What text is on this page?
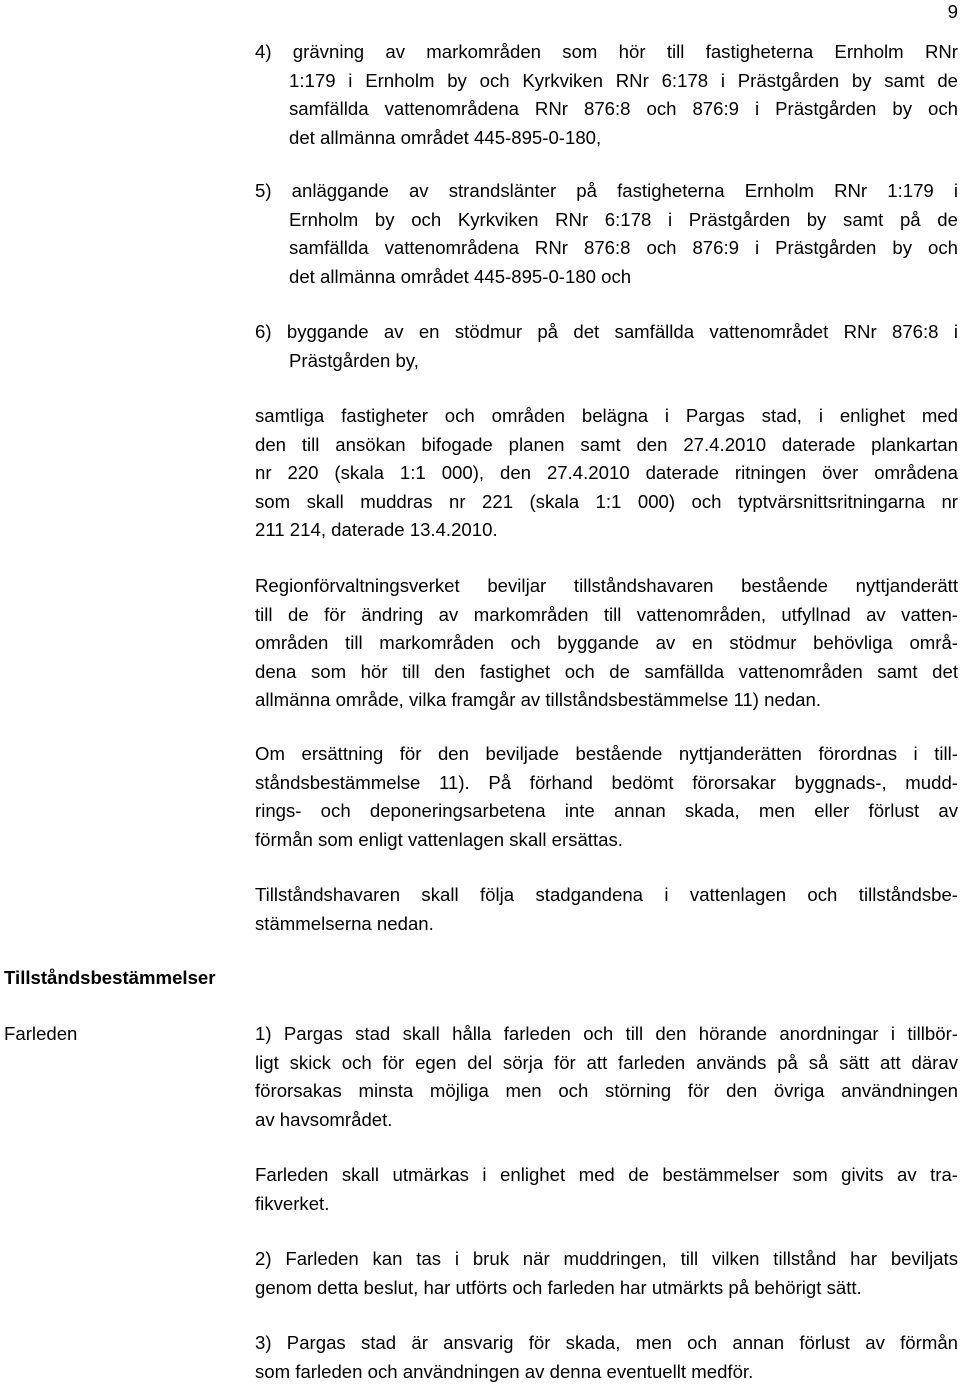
9
4) grävning av markområden som hör till fastigheterna Ernholm RNr
1:179 i Ernholm by och Kyrkviken RNr 6:178 i Prästgården by samt de
samfällda vattenområdena RNr 876:8 och 876:9 i Prästgården by och
det allmänna området 445-895-0-180,
5) anläggande av strandslänter på fastigheterna Ernholm RNr 1:179 i
Ernholm by och Kyrkviken RNr 6:178 i Prästgården by samt på de
samfällda vattenområdena RNr 876:8 och 876:9 i Prästgården by och
det allmänna området 445-895-0-180 och
6) byggande av en stödmur på det samfällda vattenområdet RNr 876:8 i
Prästgården by,
samtliga fastigheter och områden belägna i Pargas stad, i enlighet med
den till ansökan bifogade planen samt den 27.4.2010 daterade plankartan
nr 220 (skala 1:1 000), den 27.4.2010 daterade ritningen över områdena
som skall muddras nr 221 (skala 1:1 000) och typtvärsnittsritningarna nr
211 214, daterade 13.4.2010.
Regionförvaltningsverket beviljar tillståndshavaren bestående nyttjanderätt
till de för ändring av markområden till vattenområden, utfyllnad av vatten-
områden till markområden och byggande av en stödmur behövliga områ-
dena som hör till den fastighet och de samfällda vattenområden samt det
allmänna område, vilka framgår av tillståndsbestämmelse 11) nedan.
Om ersättning för den beviljade bestående nyttjanderätten förordnas i till-
ståndsbestämmelse 11). På förhand bedömt förorsakar byggnads-, mudd-
rings- och deponeringsarbetena inte annan skada, men eller förlust av
förmån som enligt vattenlagen skall ersättas.
Tillståndshavaren skall följa stadgandena i vattenlagen och tillståndsbe-
stämmelserna nedan.
Tillståndsbestämmelser
Farleden	1) Pargas stad skall hålla farleden och till den hörande anordningar i tillbör-
ligt skick och för egen del sörja för att farleden används på så sätt att därav
förorsakas minsta möjliga men och störning för den övriga användningen
av havsområdet.
Farleden skall utmärkas i enlighet med de bestämmelser som givits av tra-
fikverket.
2) Farleden kan tas i bruk när muddringen, till vilken tillstånd har beviljats
genom detta beslut, har utförts och farleden har utmärkts på behörigt sätt.
3) Pargas stad är ansvarig för skada, men och annan förlust av förmån
som farleden och användningen av denna eventuellt medför.
